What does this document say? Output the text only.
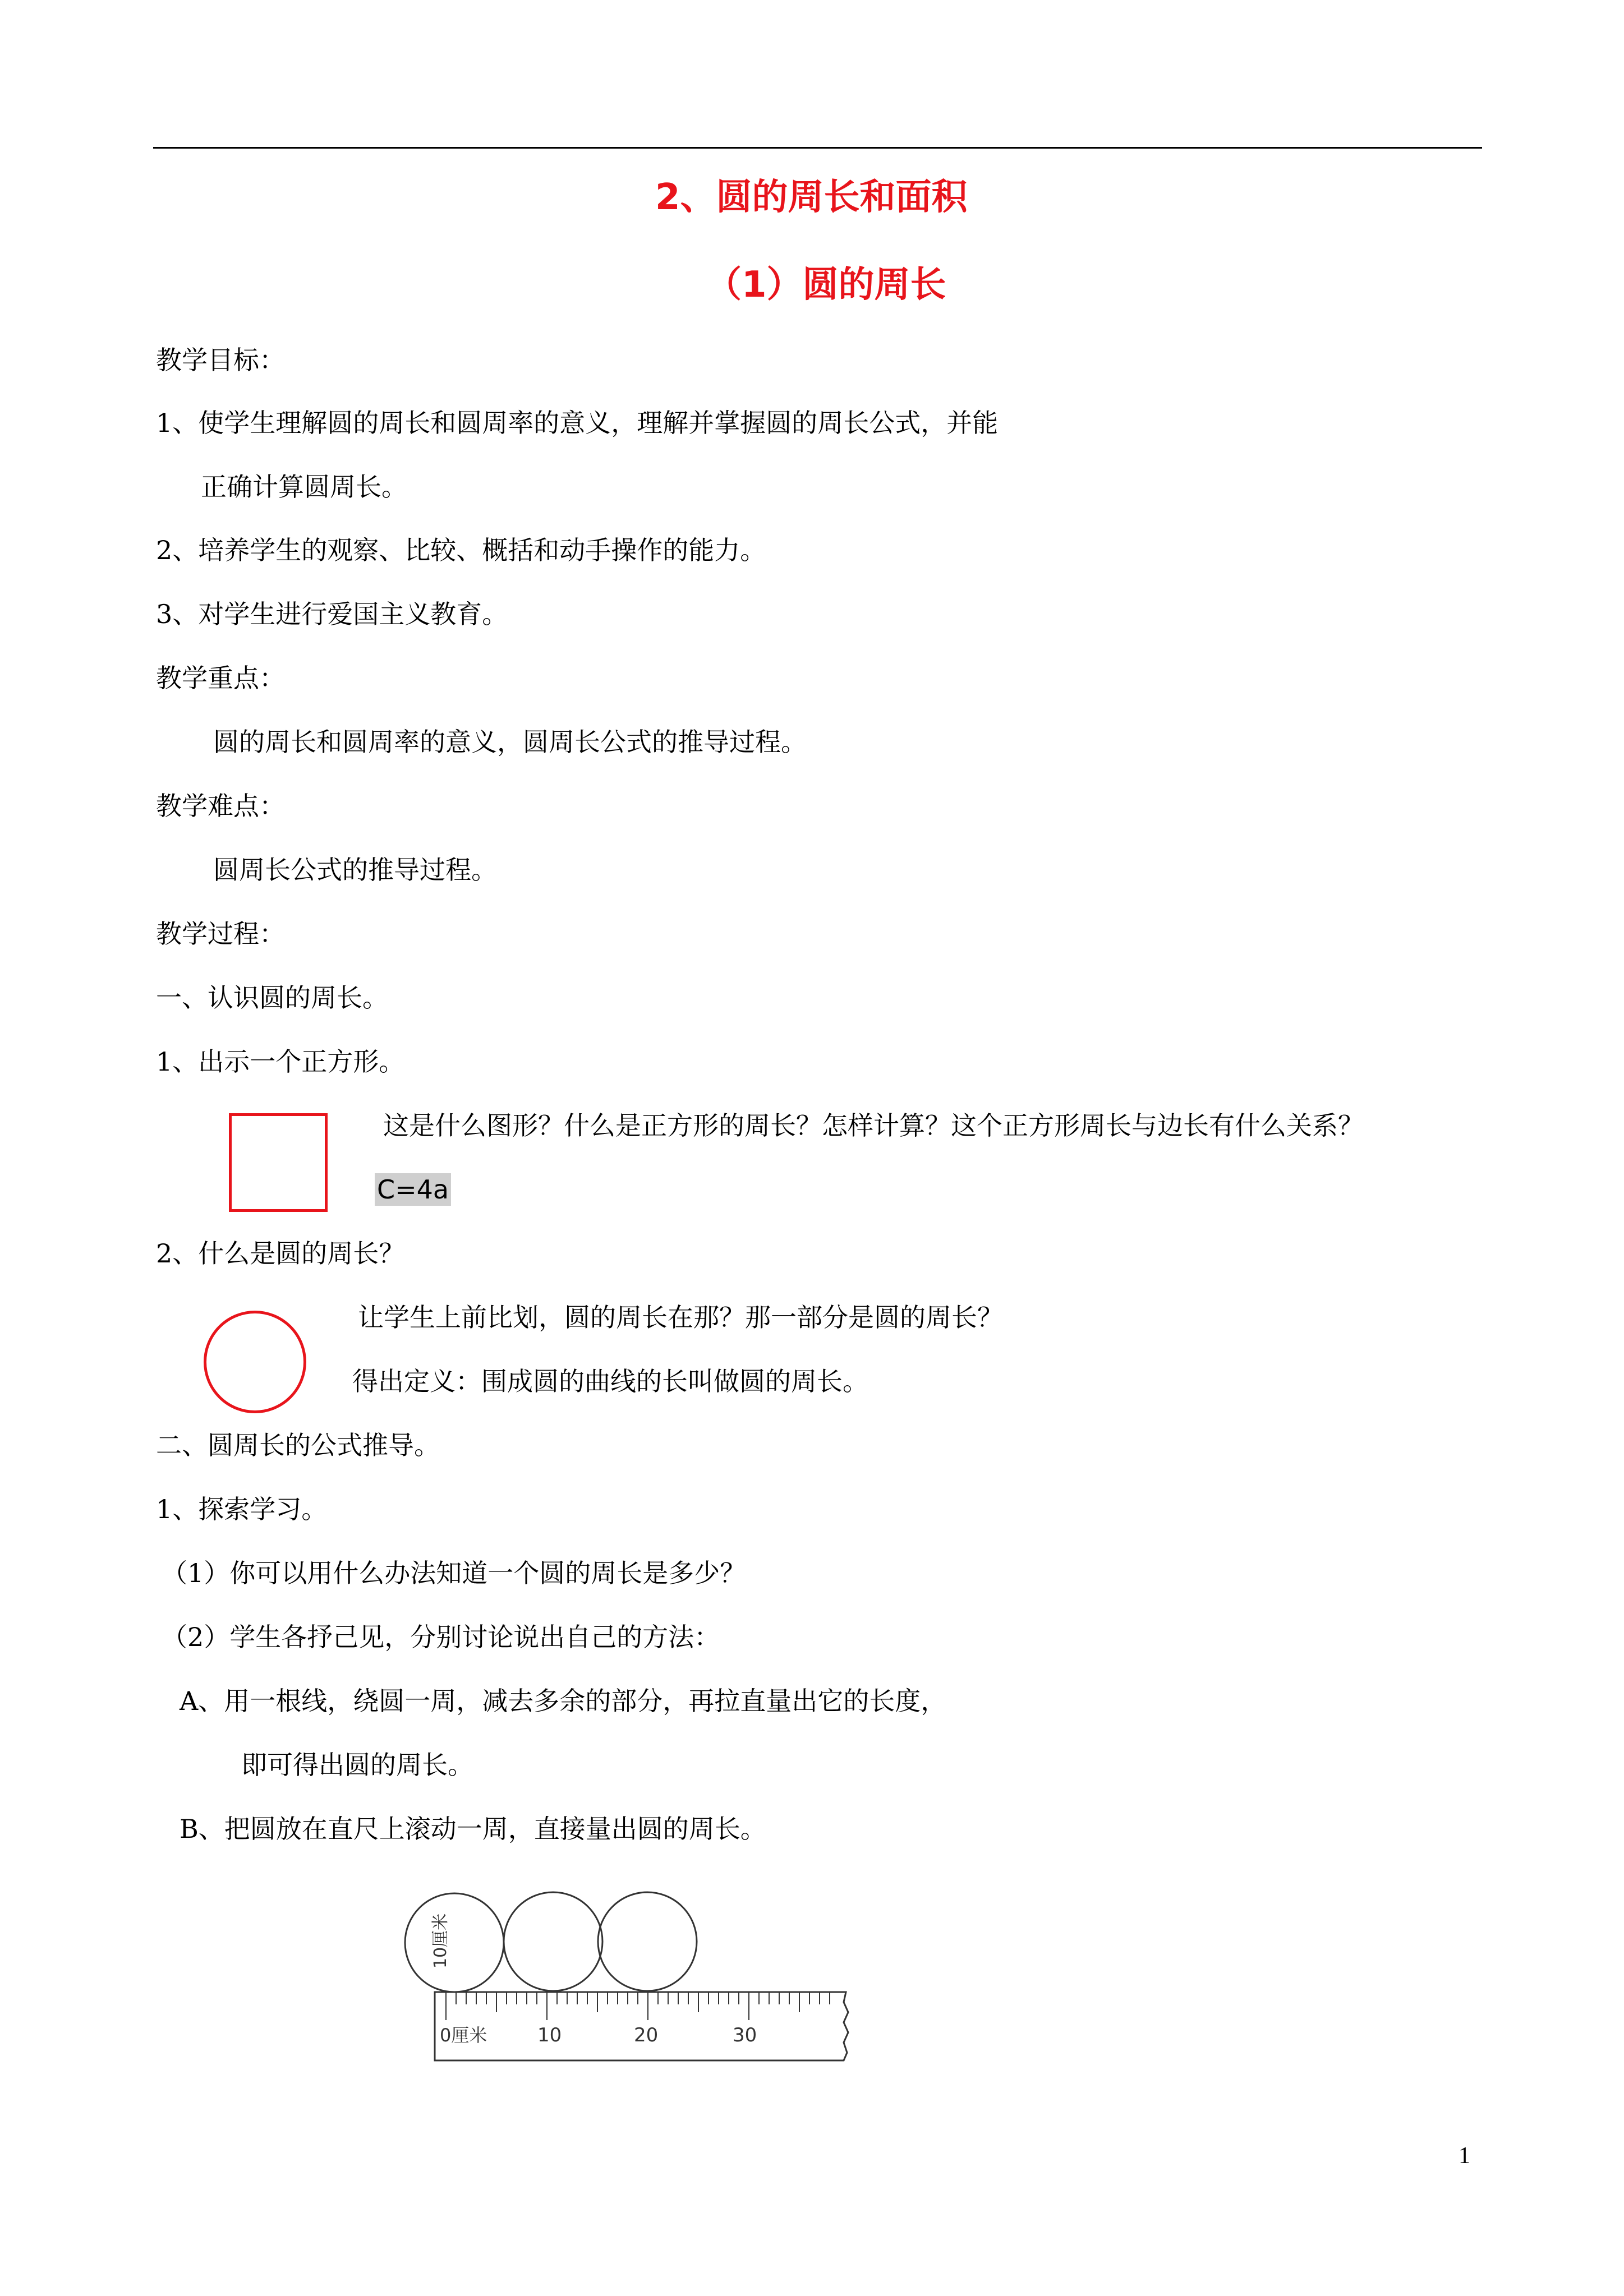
2、圆的周长和面积
（1）圆的周长
教学目标：
1、使学生理解圆的周长和圆周率的意义，理解并掌握圆的周长公式，并能
正确计算圆周长。
2、培养学生的观察、比较、概括和动手操作的能力。
3、对学生进行爱国主义教育。
教学重点：
圆的周长和圆周率的意义，圆周长公式的推导过程。
教学难点：
圆周长公式的推导过程。
教学过程：
一、认识圆的周长。
1、出示一个正方形。
这是什么图形？什么是正方形的周长？怎样计算？这个正方形周长与边长有什么关系？
C=4a
2、什么是圆的周长？
让学生上前比划，圆的周长在那？那一部分是圆的周长？
得出定义：围成圆的曲线的长叫做圆的周长。
二、圆周长的公式推导。
1、探索学习。
（1）你可以用什么办法知道一个圆的周长是多少？
（2）学生各抒己见，分别讨论说出自己的方法：
A、用一根线，绕圆一周，减去多余的部分，再拉直量出它的长度，
即可得出圆的周长。
B、把圆放在直尺上滚动一周，直接量出圆的周长。
10厘米
0厘米	10	20	30
1
